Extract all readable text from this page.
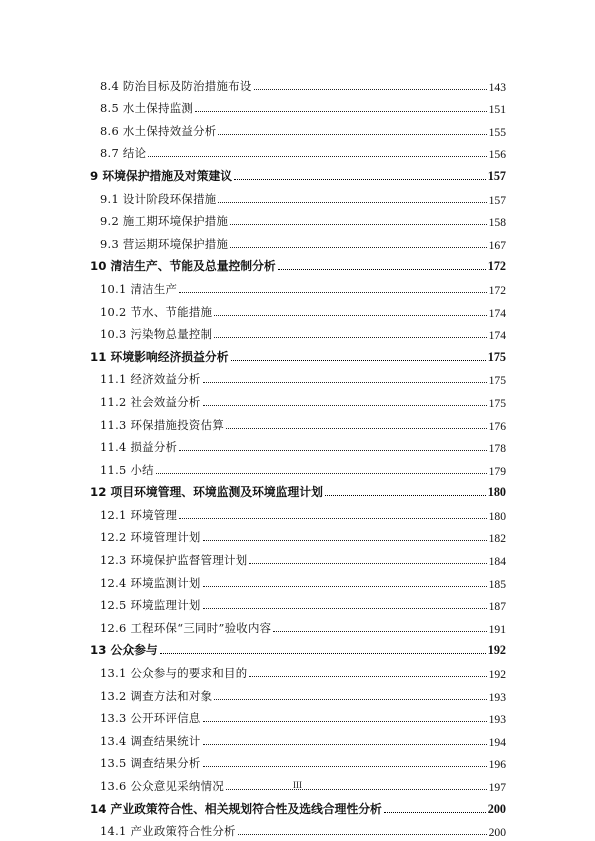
8.4 防治目标及防治措施布设	143
8.5 水土保持监测	151
8.6 水土保持效益分析	155
8.7 结论	156
9 环境保护措施及对策建议	157
9.1 设计阶段环保措施	157
9.2 施工期环境保护措施	158
9.3 营运期环境保护措施	167
10 清洁生产、节能及总量控制分析	172
10.1 清洁生产	172
10.2 节水、节能措施	174
10.3 污染物总量控制	174
11 环境影响经济损益分析	175
11.1 经济效益分析	175
11.2 社会效益分析	175
11.3 环保措施投资估算	176
11.4 损益分析	178
11.5 小结	179
12 项目环境管理、环境监测及环境监理计划	180
12.1 环境管理	180
12.2 环境管理计划	182
12.3 环境保护监督管理计划	184
12.4 环境监测计划	185
12.5 环境监理计划	187
12.6 工程环保“三同时”验收内容	191
13 公众参与	192
13.1 公众参与的要求和目的	192
13.2 调查方法和对象	193
13.3 公开环评信息	193
13.4 调查结果统计	194
13.5 调查结果分析	196
13.6 公众意见采纳情况	197
14 产业政策符合性、相关规划符合性及选线合理性分析	200
14.1 产业政策符合性分析	200
III
